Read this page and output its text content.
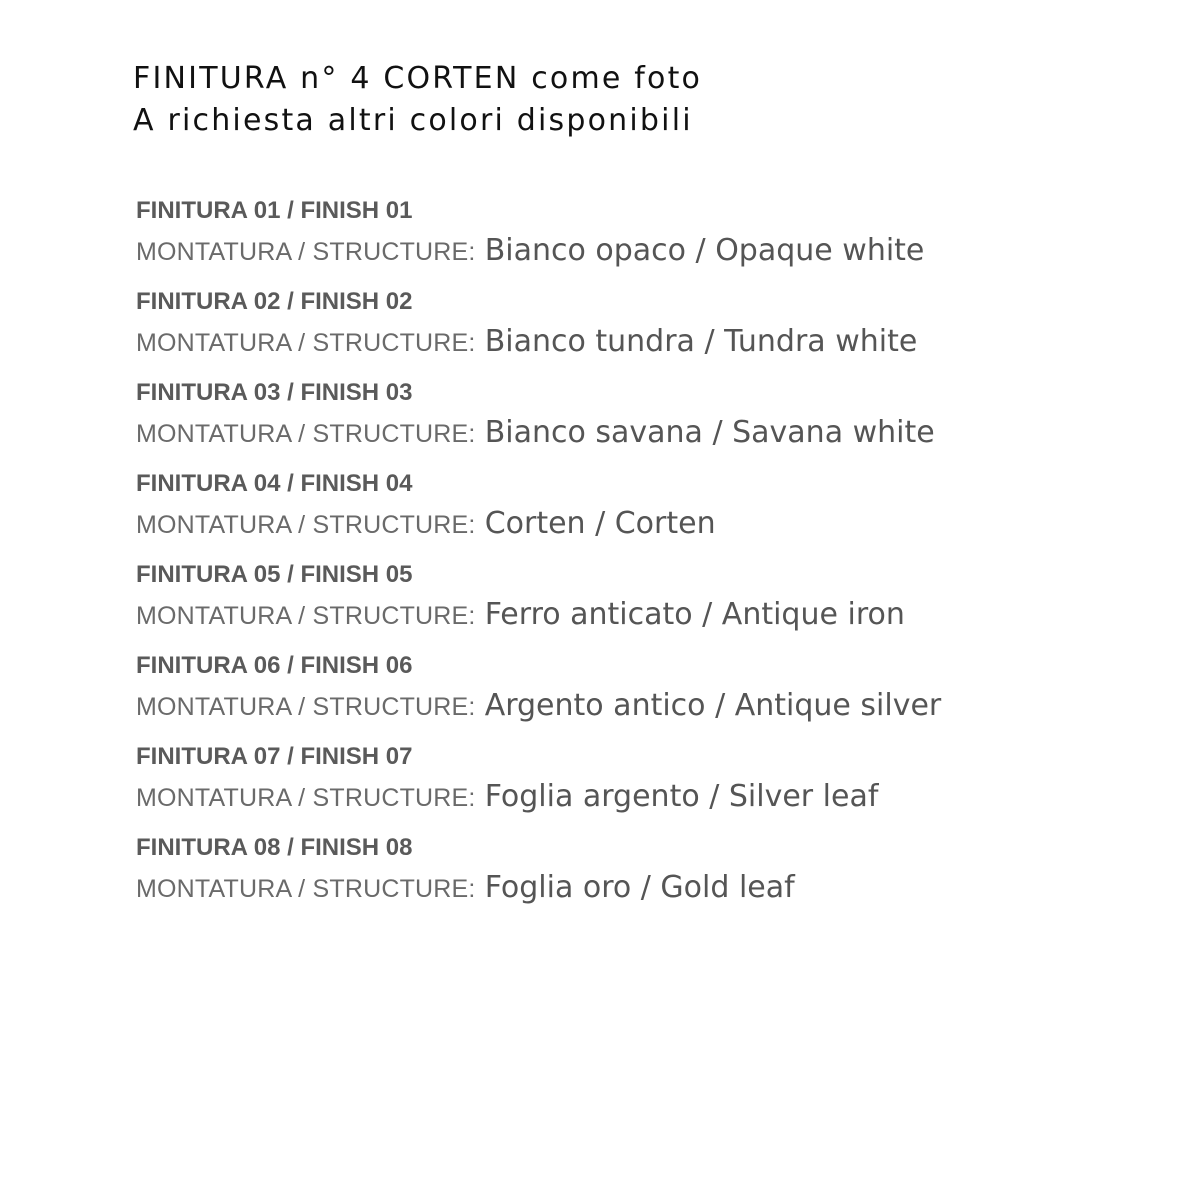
FINITURA n° 4 CORTEN come foto
A richiesta altri colori disponibili
FINITURA 01 / FINISH 01
MONTATURA / STRUCTURE: Bianco opaco / Opaque white
FINITURA 02 / FINISH 02
MONTATURA / STRUCTURE: Bianco tundra / Tundra white
FINITURA 03 / FINISH 03
MONTATURA / STRUCTURE: Bianco savana / Savana white
FINITURA 04 / FINISH 04
MONTATURA / STRUCTURE: Corten / Corten
FINITURA 05 / FINISH 05
MONTATURA / STRUCTURE: Ferro anticato / Antique iron
FINITURA 06 / FINISH 06
MONTATURA / STRUCTURE: Argento antico / Antique silver
FINITURA 07 / FINISH 07
MONTATURA / STRUCTURE: Foglia argento / Silver leaf
FINITURA 08 / FINISH 08
MONTATURA / STRUCTURE: Foglia oro / Gold leaf
